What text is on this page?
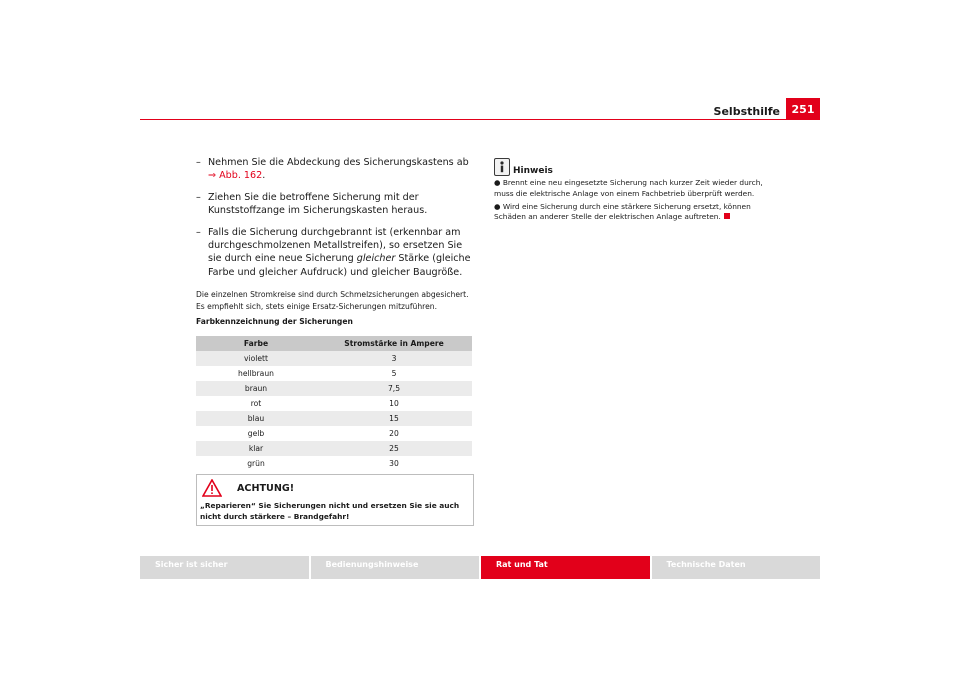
Selbsthilfe	251
– Nehmen Sie die Abdeckung des Sicherungskastens ab
⇒ Abb. 162.
– Ziehen Sie die betroffene Sicherung mit der Kunststoffzange im Sicherungskasten heraus.
– Falls die Sicherung durchgebrannt ist (erkennbar am durchgeschmolzenen Metallstreifen), so ersetzen Sie sie durch eine neue Sicherung gleicher Stärke (gleiche Farbe und gleicher Aufdruck) und gleicher Baugröße.
Die einzelnen Stromkreise sind durch Schmelzsicherungen abgesichert. Es empfiehlt sich, stets einige Ersatz-Sicherungen mitzuführen.
Farbkennzeichnung der Sicherungen
Farbe	Stromstärke in Ampere
violett	3
hellbraun	5
braun	7,5
rot	10
blau	15
gelb	20
klar	25
grün	30
ACHTUNG!
„Reparieren“ Sie Sicherungen nicht und ersetzen Sie sie auch nicht durch stärkere – Brandgefahr!
Hinweis
● Brennt eine neu eingesetzte Sicherung nach kurzer Zeit wieder durch, muss die elektrische Anlage von einem Fachbetrieb überprüft werden.
● Wird eine Sicherung durch eine stärkere Sicherung ersetzt, können Schäden an anderer Stelle der elektrischen Anlage auftreten.
Sicher ist sicher	Bedienungshinweise	Rat und Tat	Technische Daten
